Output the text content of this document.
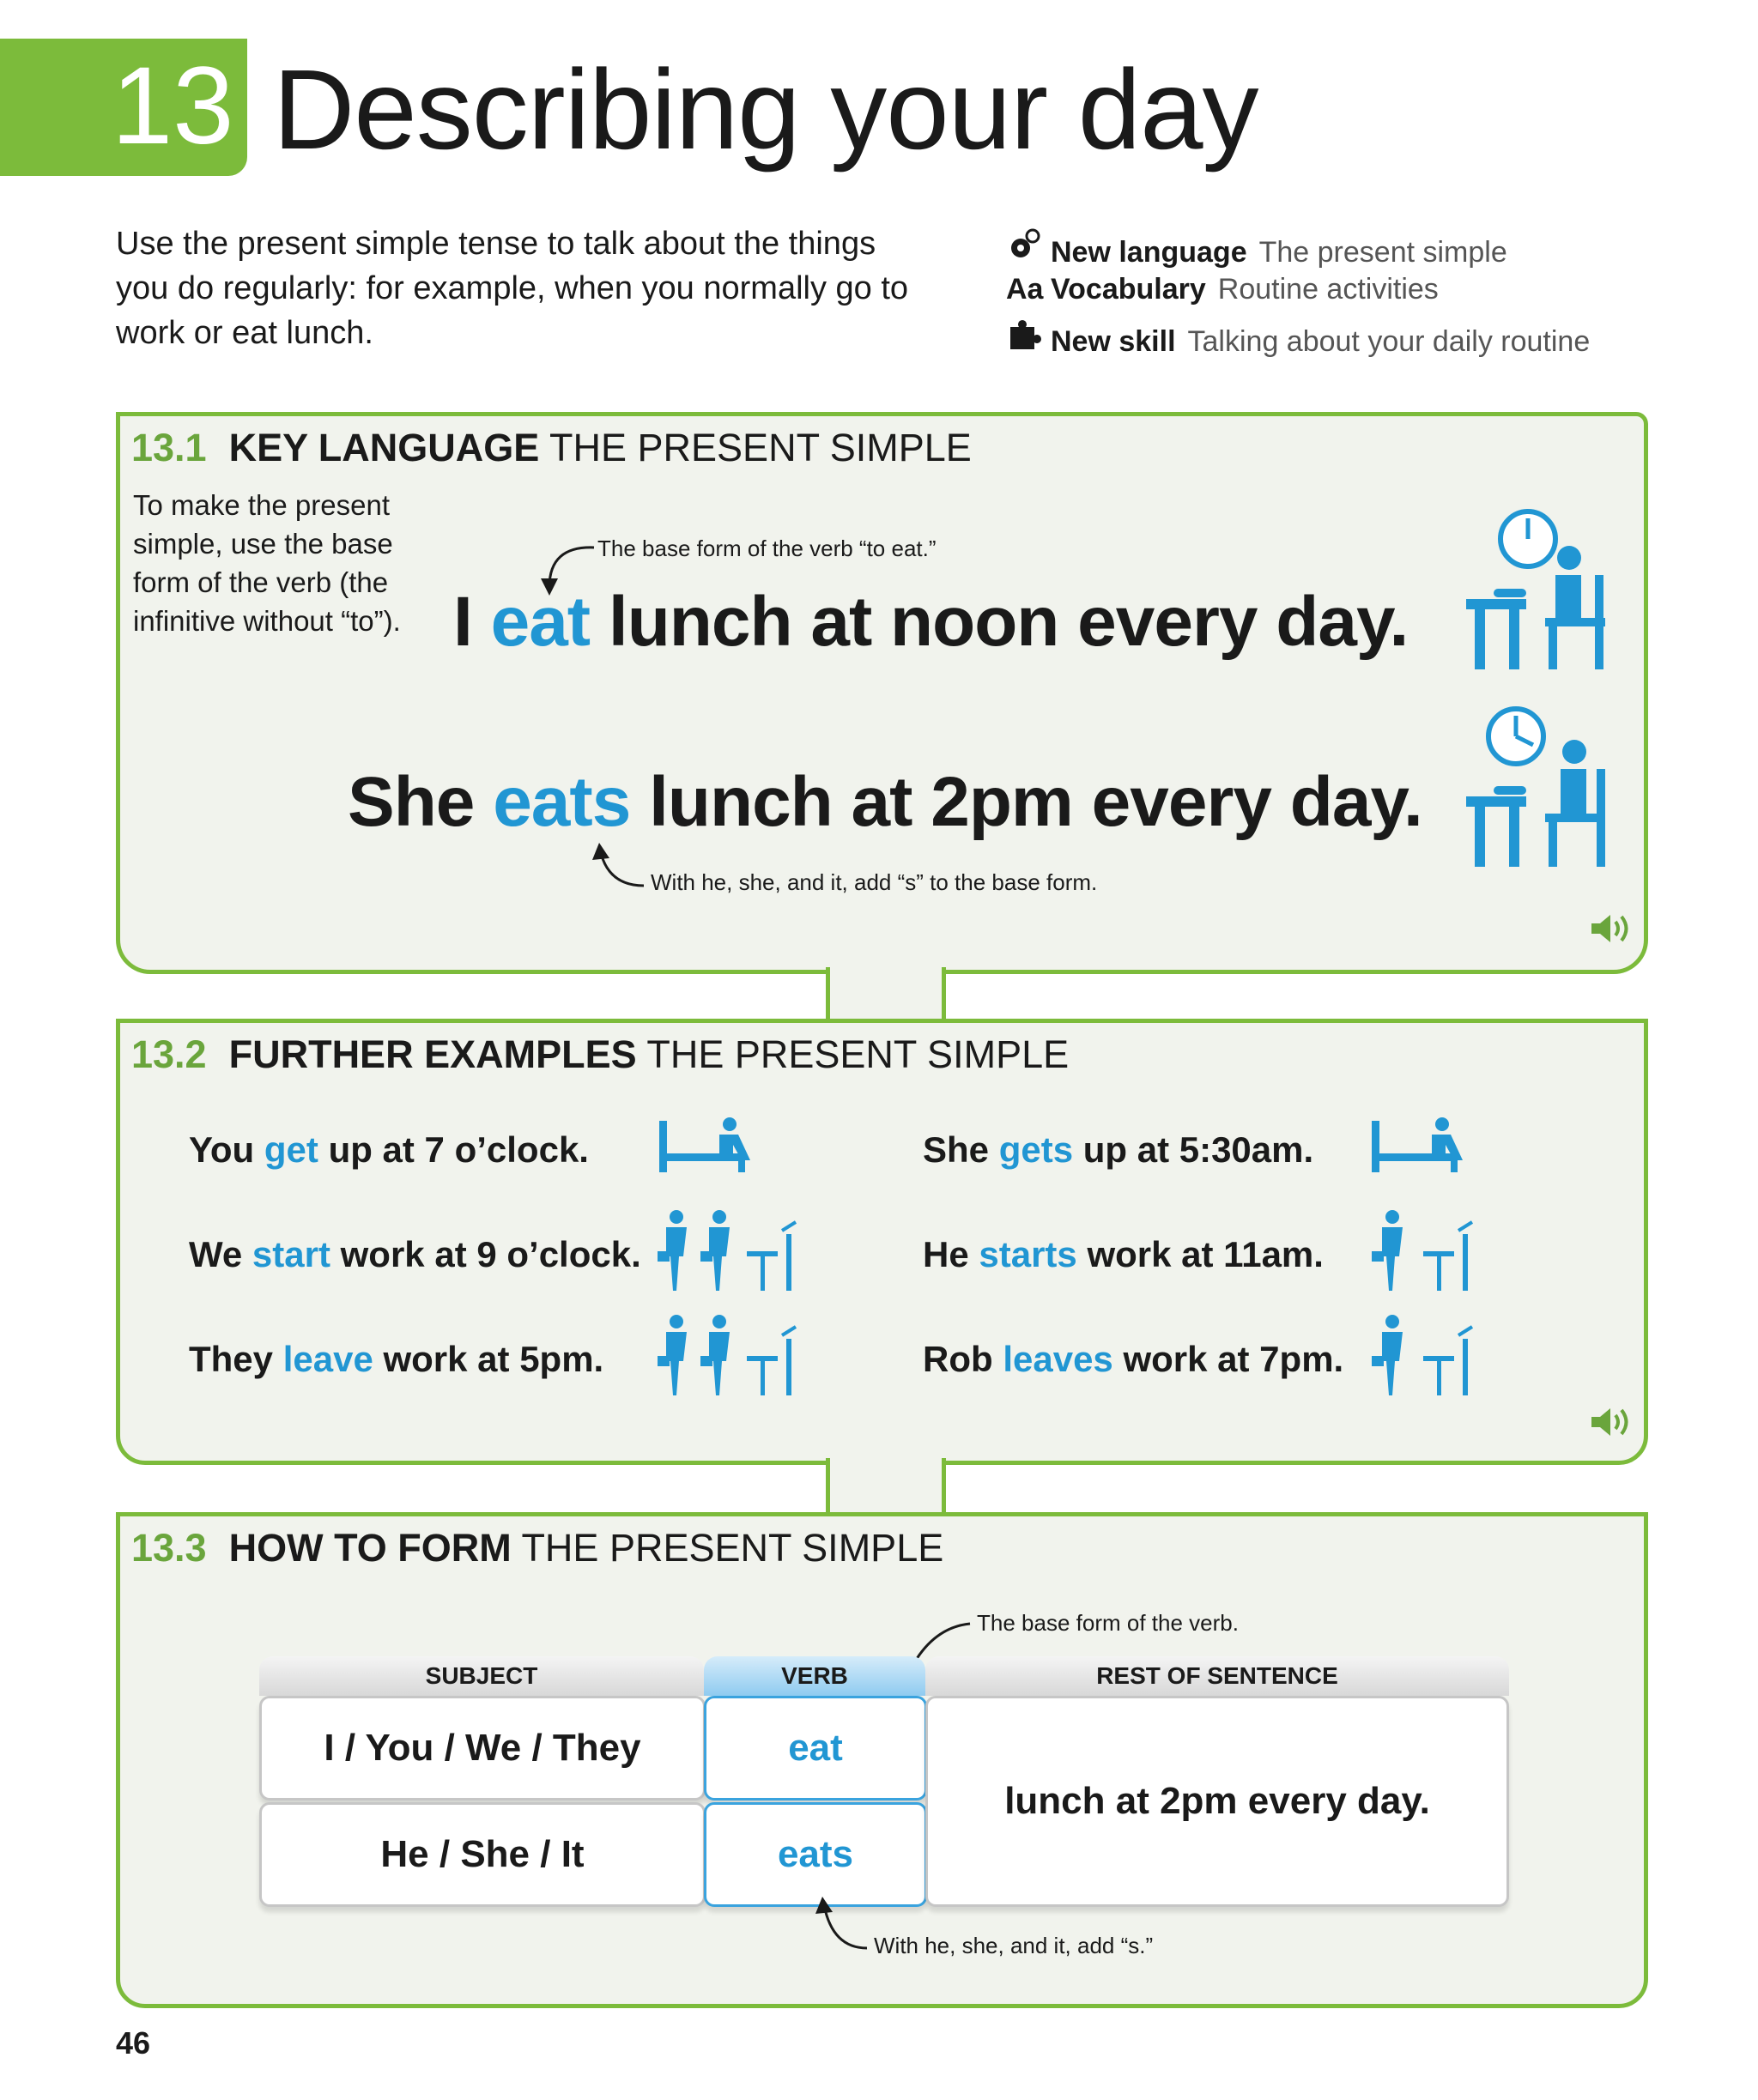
13 Describing your day
Use the present simple tense to talk about the things you do regularly: for example, when you normally go to work or eat lunch.
New language The present simple
Aa Vocabulary Routine activities
New skill Talking about your daily routine
13.1 KEY LANGUAGE THE PRESENT SIMPLE
To make the present simple, use the base form of the verb (the infinitive without “to”).
The base form of the verb “to eat.”
I eat lunch at noon every day.
She eats lunch at 2pm every day.
With he, she, and it, add “s” to the base form.
13.2 FURTHER EXAMPLES THE PRESENT SIMPLE
You get up at 7 o’clock.
We start work at 9 o’clock.
They leave work at 5pm.
She gets up at 5:30am.
He starts work at 11am.
Rob leaves work at 7pm.
13.3 HOW TO FORM THE PRESENT SIMPLE
The base form of the verb.
SUBJECT	VERB	REST OF SENTENCE
I / You / We / They
He / She / It
eat
eats
lunch at 2pm every day.
With he, she, and it, add “s.”
46
